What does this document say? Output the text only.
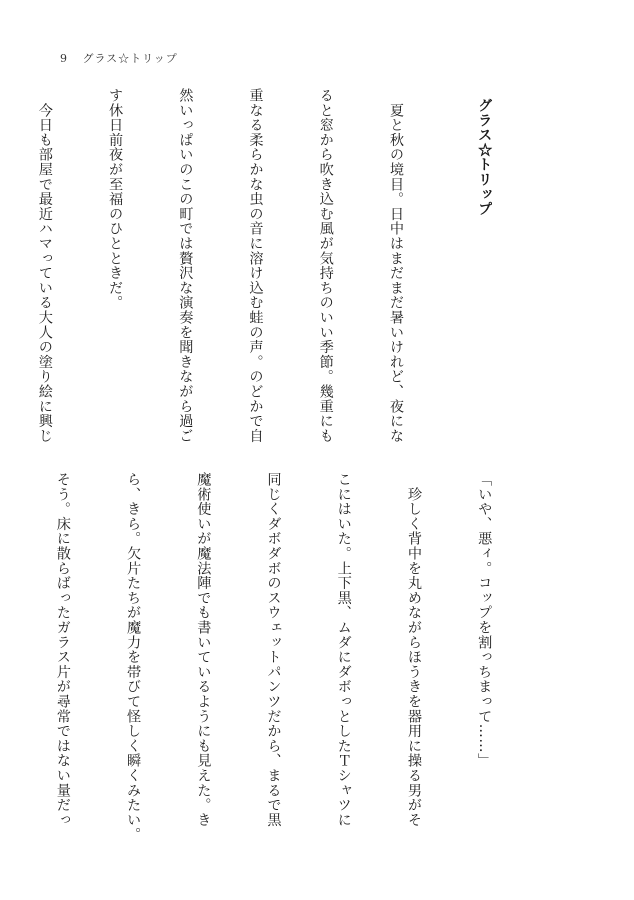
9 グラス☆トリップ

グラス☆トリップ

　夏と秋の境目。日中はまだまだ暑いけれど、夜にな

ると窓から吹き込む風が気持ちのいい季節。幾重にも

重なる柔らかな虫の音に溶け込む蛙の声。のどかで自

然いっぱいのこの町では贅沢な演奏を聞きながら過ご

す休日前夜が至福のひとときだ。

　今日も部屋で最近ハマっている大人の塗り絵に興じ

「いや、悪ィ。コップを割っちまって……」

　珍しく背中を丸めながらほうきを器用に操る男がそ

こにはいた。上下黒、ムダにダボっとしたＴシャツに

同じくダボダボのスウェットパンツだから、まるで黒

魔術使いが魔法陣でも書いているようにも見えた。き

ら、きら。欠片たちが魔力を帯びて怪しく瞬くみたい。

そう。床に散らばったガラス片が尋常ではない量だっ
